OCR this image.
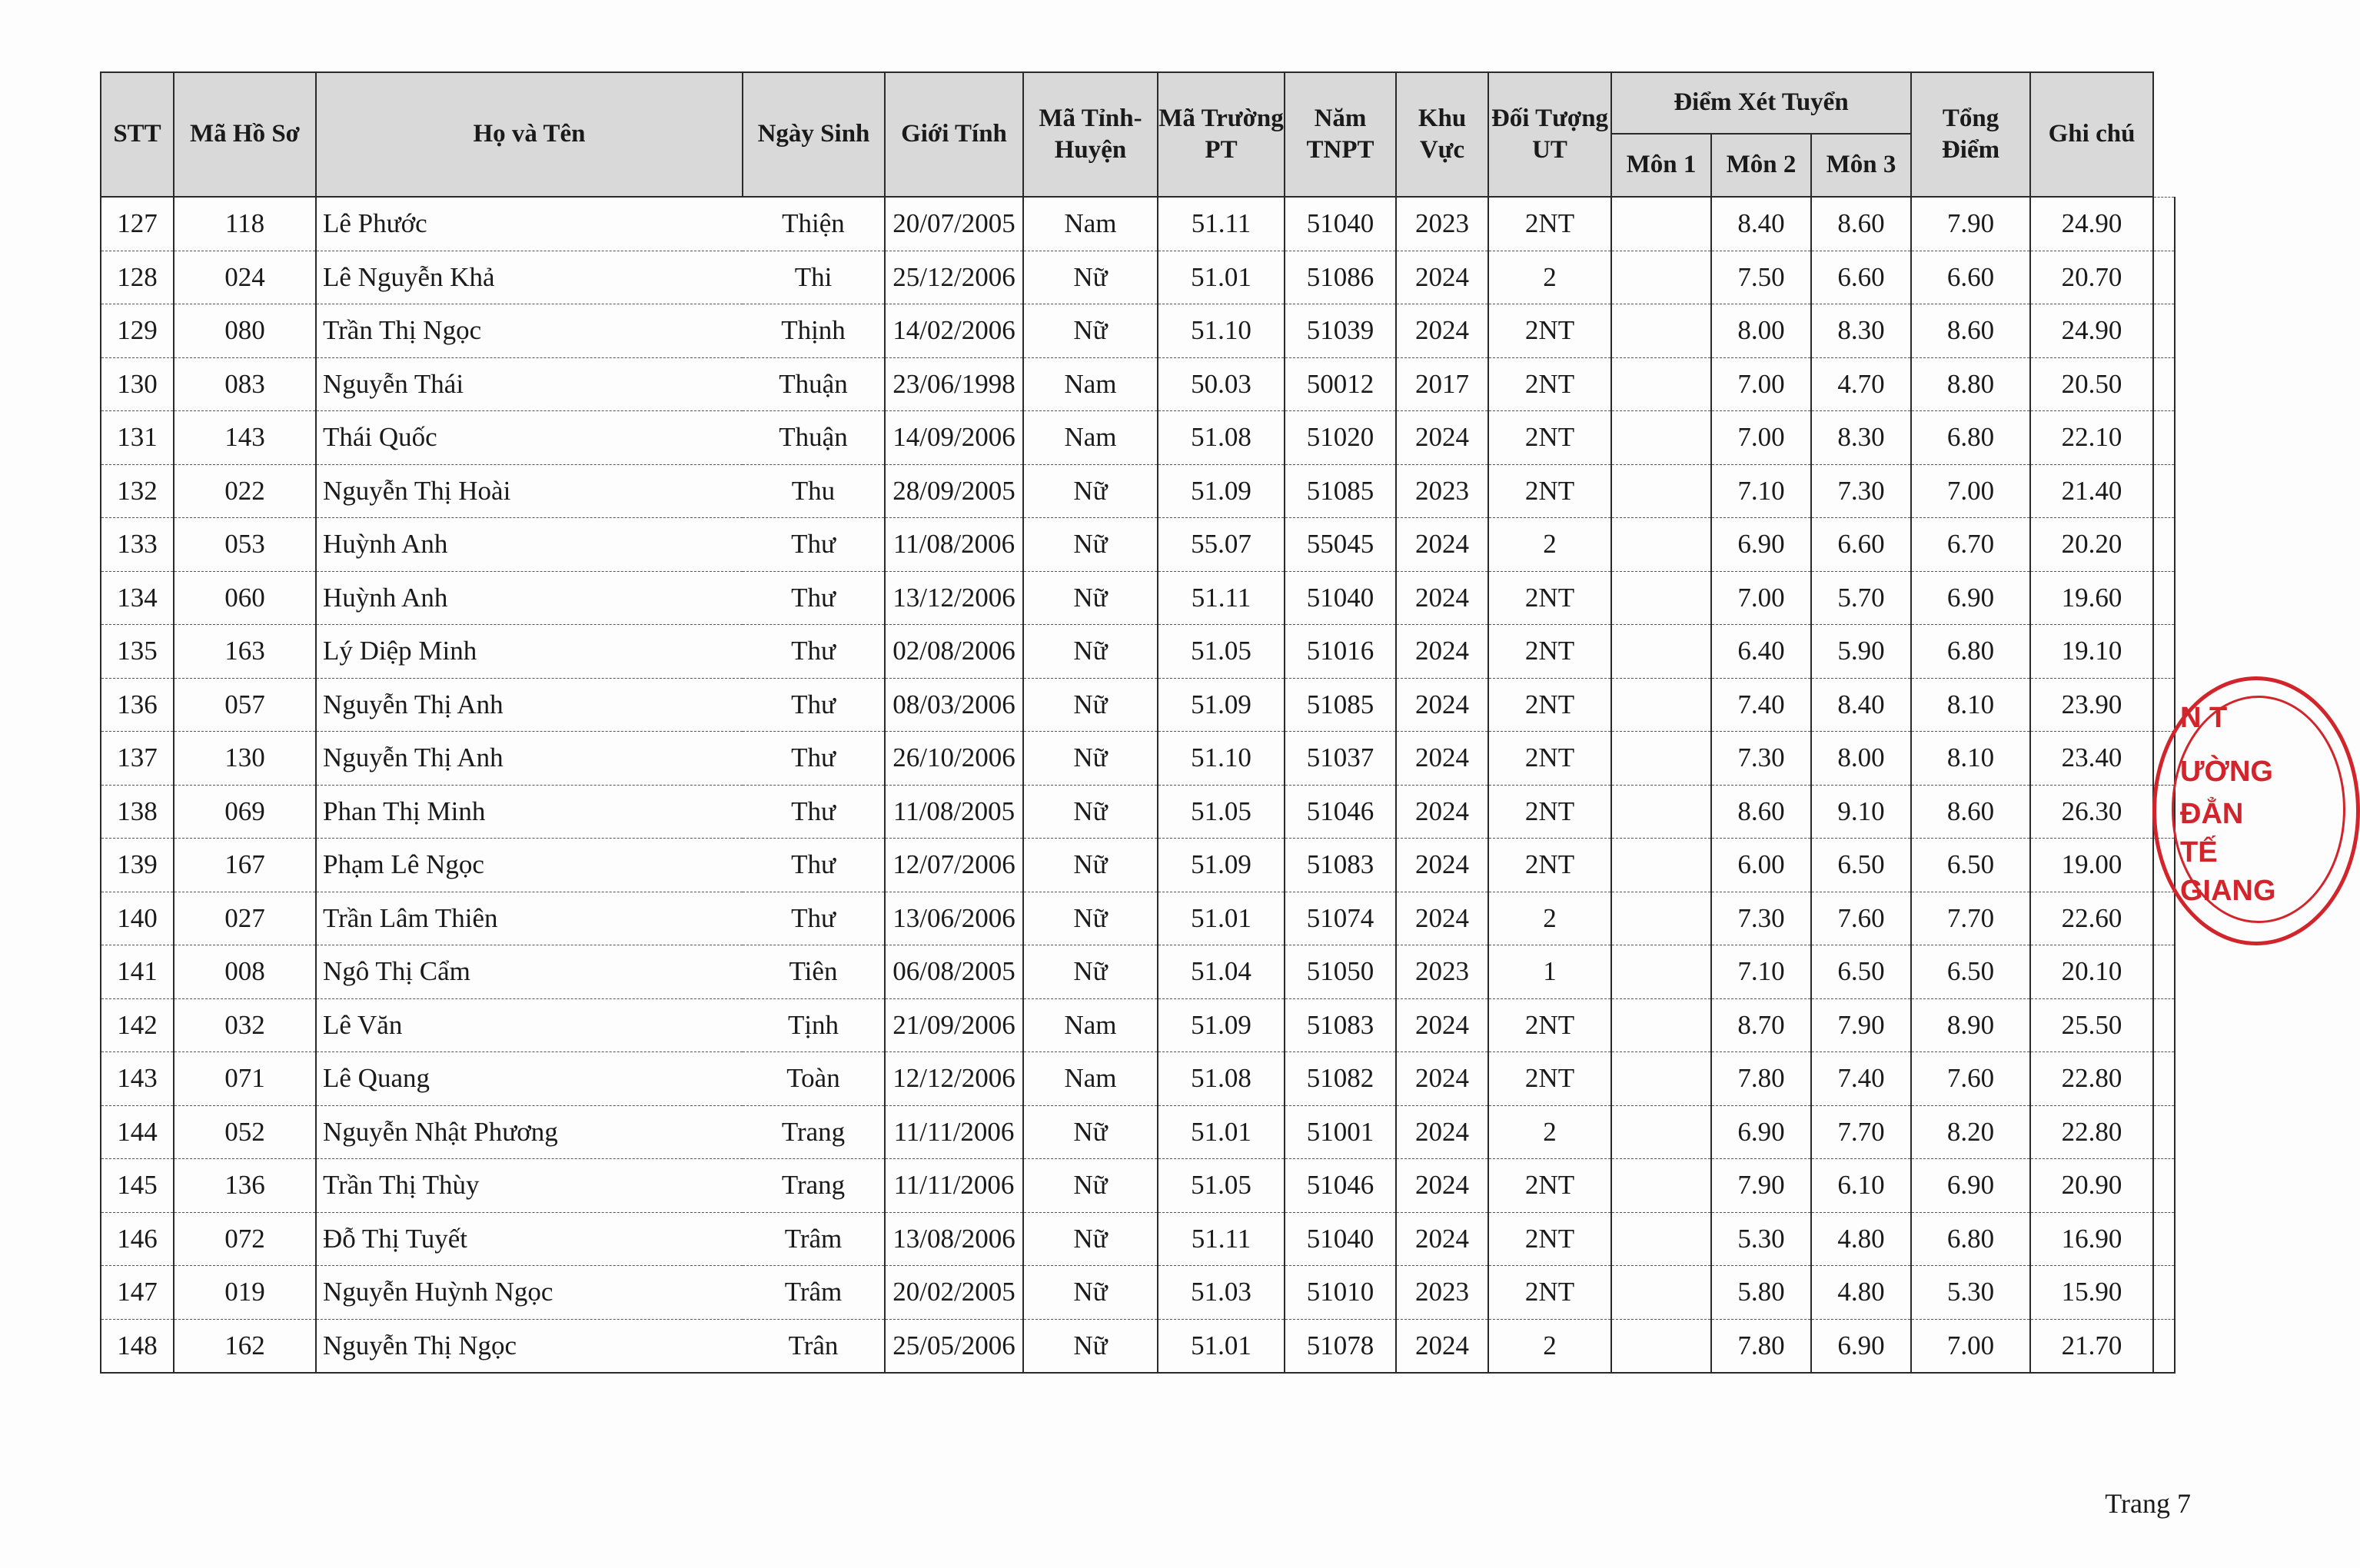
STT	Mã Hồ Sơ	Họ và Tên	Ngày Sinh	Giới Tính	Mã Tỉnh-Huyện	Mã Trường PT	Năm TNPT	Khu Vực	Đối Tượng UT	Điểm Xét Tuyển			Tổng Điểm	Ghi chú	
										Môn 1	Môn 2	Môn 3			
127	118	Lê Phước	Thiện	20/07/2005	Nam	51.11	51040	2023	2NT		8.40	8.60	7.90	24.90	
128	024	Lê Nguyễn Khả	Thi	25/12/2006	Nữ	51.01	51086	2024	2		7.50	6.60	6.60	20.70	
129	080	Trần Thị Ngọc	Thịnh	14/02/2006	Nữ	51.10	51039	2024	2NT		8.00	8.30	8.60	24.90	
130	083	Nguyễn Thái	Thuận	23/06/1998	Nam	50.03	50012	2017	2NT		7.00	4.70	8.80	20.50	
131	143	Thái Quốc	Thuận	14/09/2006	Nam	51.08	51020	2024	2NT		7.00	8.30	6.80	22.10	
132	022	Nguyễn Thị Hoài	Thu	28/09/2005	Nữ	51.09	51085	2023	2NT		7.10	7.30	7.00	21.40	
133	053	Huỳnh Anh	Thư	11/08/2006	Nữ	55.07	55045	2024	2		6.90	6.60	6.70	20.20	
134	060	Huỳnh Anh	Thư	13/12/2006	Nữ	51.11	51040	2024	2NT		7.00	5.70	6.90	19.60	
135	163	Lý Diệp Minh	Thư	02/08/2006	Nữ	51.05	51016	2024	2NT		6.40	5.90	6.80	19.10	
136	057	Nguyễn Thị Anh	Thư	08/03/2006	Nữ	51.09	51085	2024	2NT		7.40	8.40	8.10	23.90	
137	130	Nguyễn Thị Anh	Thư	26/10/2006	Nữ	51.10	51037	2024	2NT		7.30	8.00	8.10	23.40	
138	069	Phan Thị Minh	Thư	11/08/2005	Nữ	51.05	51046	2024	2NT		8.60	9.10	8.60	26.30	
139	167	Phạm Lê Ngọc	Thư	12/07/2006	Nữ	51.09	51083	2024	2NT		6.00	6.50	6.50	19.00	
140	027	Trần Lâm Thiên	Thư	13/06/2006	Nữ	51.01	51074	2024	2		7.30	7.60	7.70	22.60	
141	008	Ngô Thị Cẩm	Tiên	06/08/2005	Nữ	51.04	51050	2023	1		7.10	6.50	6.50	20.10	
142	032	Lê Văn	Tịnh	21/09/2006	Nam	51.09	51083	2024	2NT		8.70	7.90	8.90	25.50	
143	071	Lê Quang	Toàn	12/12/2006	Nam	51.08	51082	2024	2NT		7.80	7.40	7.60	22.80	
144	052	Nguyễn Nhật Phương	Trang	11/11/2006	Nữ	51.01	51001	2024	2		6.90	7.70	8.20	22.80	
145	136	Trần Thị Thùy	Trang	11/11/2006	Nữ	51.05	51046	2024	2NT		7.90	6.10	6.90	20.90	
146	072	Đỗ Thị Tuyết	Trâm	13/08/2006	Nữ	51.11	51040	2024	2NT		5.30	4.80	6.80	16.90	
147	019	Nguyễn Huỳnh Ngọc	Trâm	20/02/2005	Nữ	51.03	51010	2023	2NT		5.80	4.80	5.30	15.90	
148	162	Nguyễn Thị Ngọc	Trân	25/05/2006	Nữ	51.01	51078	2024	2		7.80	6.90	7.00	21.70	
Trang 7
N T
ƯỜNG
ĐẲN
TẾ
GIANG
